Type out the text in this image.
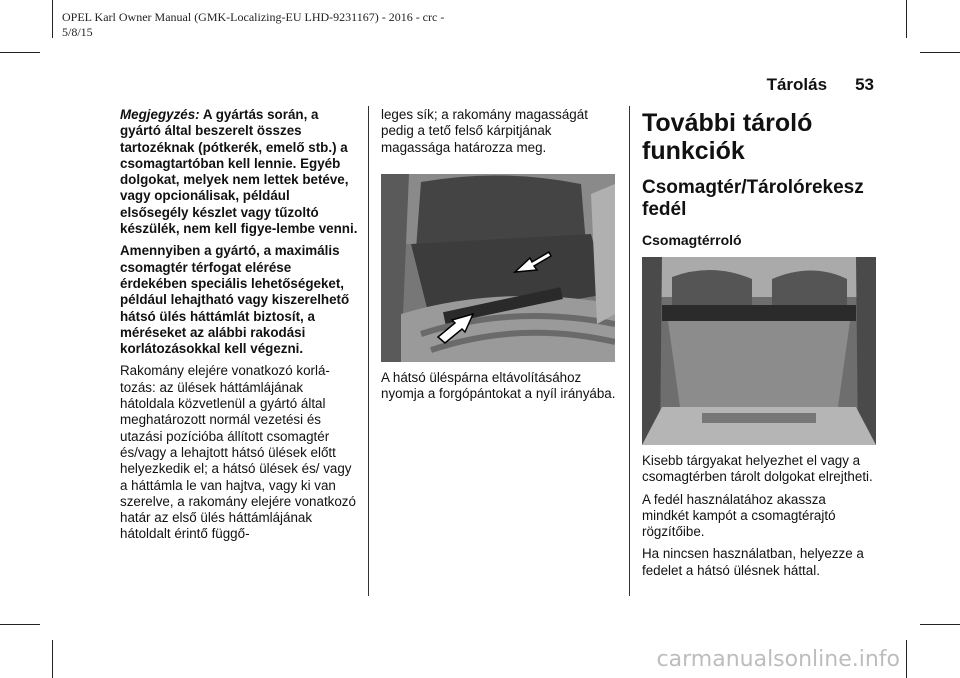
OPEL Karl Owner Manual (GMK-Localizing-EU LHD-9231167) - 2016 - crc -
5/8/15
Tárolás 53

Megjegyzés: A gyártás során, a gyártó által beszerelt összes tartozéknak (pótkerék, emelő stb.) a csomagtartóban kell lennie. Egyéb dolgokat, melyek nem lettek betéve, vagy opcionálisak, például elsősegély készlet vagy tűzoltó készülék, nem kell figye-lembe venni.

Amennyiben a gyártó, a maximális csomagtér térfogat elérése érdekében speciális lehetőségeket, például lehajtható vagy kiszerelhető hátsó ülés háttámlát biztosít, a méréseket az alábbi rakodási korlátozásokkal kell végezni.

Rakomány elejére vonatkozó korlá-tozás: az ülések háttámlájának hátoldala közvetlenül a gyártó által meghatározott normál vezetési és utazási pozícióba állított csomagtér és/vagy a lehajtott hátsó ülések előtt helyezkedik el; a hátsó ülések és/ vagy a háttámla le van hajtva, vagy ki van szerelve, a rakomány elejére vonatkozó határ az első ülés háttámlájának hátoldalt érintő függő-

leges sík; a rakomány magasságát pedig a tető felső kárpitjának magassága határozza meg.

A hátsó üléspárna eltávolításához nyomja a forgópántokat a nyíl irányába.

További tároló funkciók
Csomagtér/Tárolórekesz fedél
Csomagtérroló

Kisebb tárgyakat helyezhet el vagy a csomagtérben tárolt dolgokat elrejtheti.

A fedél használatához akassza mindkét kampót a csomagtérajtó rögzítőibe.

Ha nincsen használatban, helyezze a fedelet a hátsó ülésnek háttal.

carmanualsonline.info
